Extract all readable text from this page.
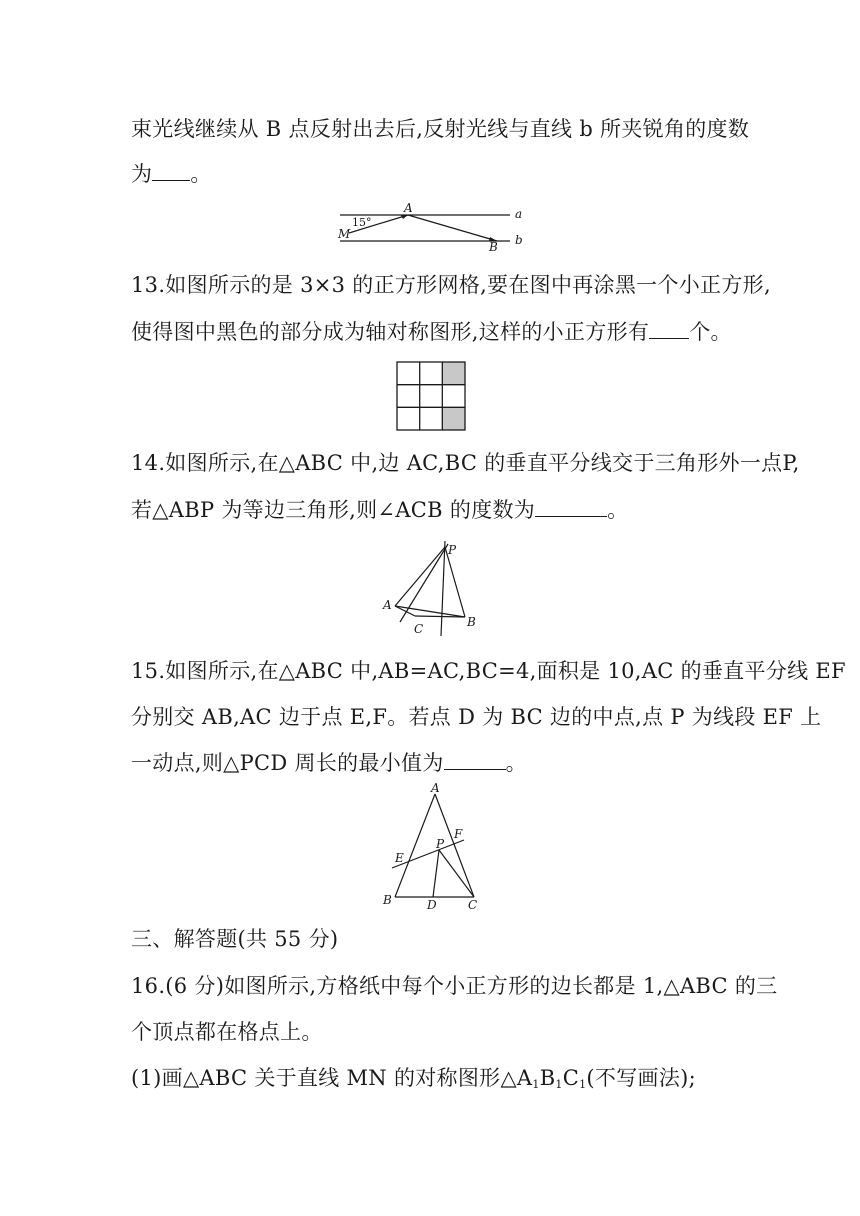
束光线继续从 B 点反射出去后,反射光线与直线 b 所夹锐角的度数
为 。
15°
A	a
M
B b
13.如图所示的是 3×3 的正方形网格,要在图中再涂黑一个小正方形,
使得图中黑色的部分成为轴对称图形,这样的小正方形有 个。
14.如图所示,在△ABC 中,边 AC,BC 的垂直平分线交于三角形外一点P,
若△ABP 为等边三角形,则∠ACB 的度数为	。
P
A
C	B
15.如图所示,在△ABC 中,AB=AC,BC=4,面积是 10,AC 的垂直平分线 EF
分别交 AB,AC 边于点 E,F。若点 D 为 BC 边的中点,点 P 为线段 EF 上
一动点,则△PCD 周长的最小值为	。
A
F
E
P
B	D	C
三、解答题(共 55 分)
16.(6 分)如图所示,方格纸中每个小正方形的边长都是 1,△ABC 的三
个顶点都在格点上。
(1)画△ABC 关于直线 MN 的对称图形$\triangle A_1B_1C_1$(不写画法);
